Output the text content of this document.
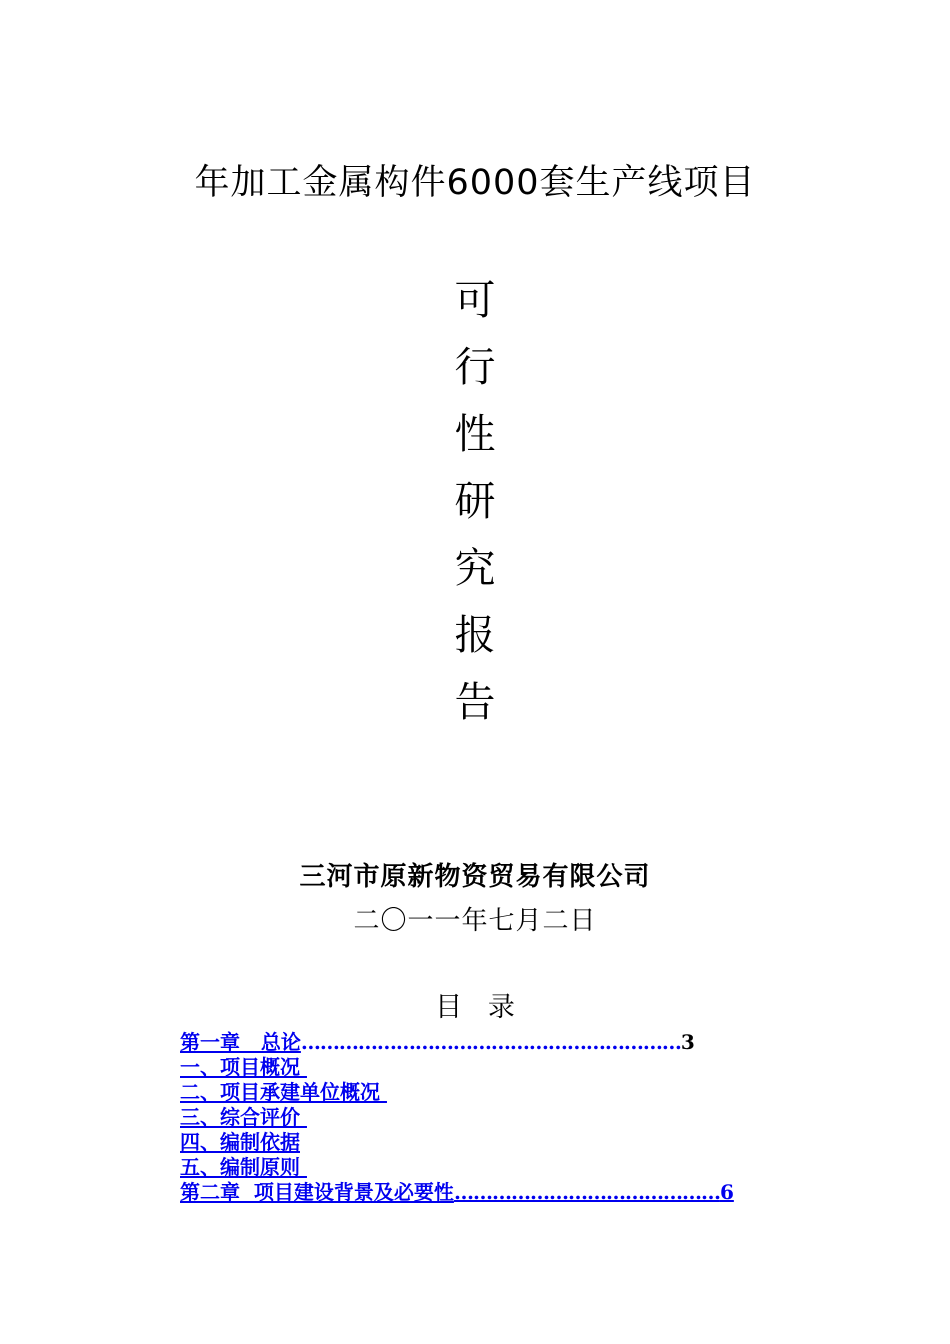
年加工金属构件6000套生产线项目
可
行
性
研
究
报
告
三河市原新物资贸易有限公司
二〇一一年七月二日
目   录
第一章   总论……………………………………………………3
一、项目概况
二、项目承建单位概况
三、综合评价
四、编制依据
五、编制原则
第二章  项目建设背景及必要性……………………………………6
